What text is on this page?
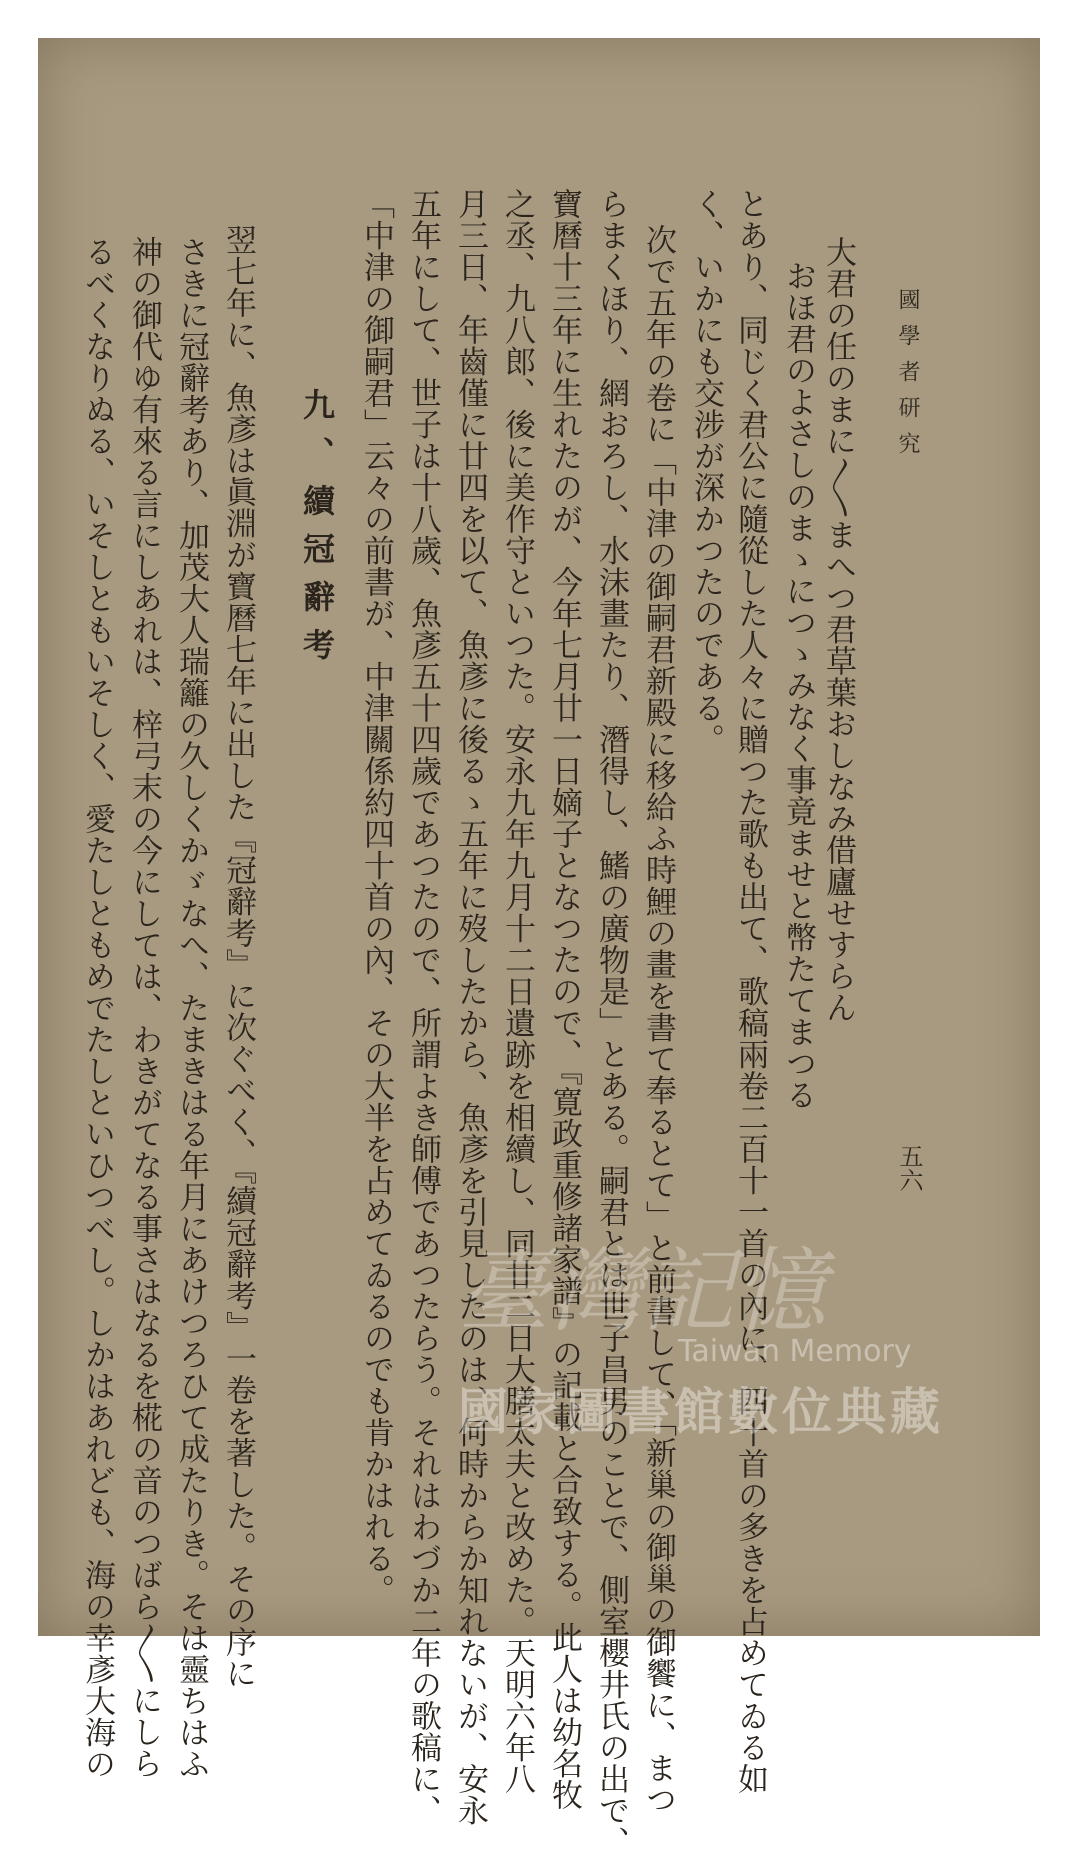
國學者研究
五六
大君の任のまに〳〵まへつ君草葉おしなみ借廬せすらん
おほ君のよさしのまゝにつゝみなく事竟ませと幣たてまつる
とあり、同じく君公に隨從した人々に贈つた歌も出て、歌稿兩卷二百十一首の內に、四十首の多きを占めてゐる如
く、いかにも交涉が深かつたのである。
次で五年の卷に「中津の御嗣君新殿に移給ふ時鯉の畫を書て奉るとて」と前書して、「新巢の御巢の御饗に、まつ
らまくほり、網おろし、水沫畫たり、潛得し、鰭の廣物是」とある。嗣君とは世子昌男のことで、側室櫻井氏の出で、
寶曆十三年に生れたのが、今年七月廿一日嫡子となつたので、『寛政重修諸家譜』の記載と合致する。此人は幼名牧
之丞、九八郎、後に美作守といつた。安永九年九月十二日遺跡を相續し、同廿二日大膳太夫と改めた。天明六年八
月三日、年齒僅に廿四を以て、魚彥に後るゝ五年に歿したから、魚彥を引見したのは、何時からか知れないが、安永
五年にして、世子は十八歲、魚彥五十四歲であつたので、所謂よき師傅であつたらう。それはわづか二年の歌稿に、
「中津の御嗣君」云々の前書が、中津關係約四十首の內、その大半を占めてゐるのでも肯かはれる。
九、續冠辭考
翌七年に、魚彥は眞淵が寶曆七年に出した『冠辭考』に次ぐべく、『續冠辭考』一卷を著した。その序に
さきに冠辭考あり、加茂大人瑞籬の久しくかゞなへ、たまきはる年月にあけつろひて成たりき。そは靈ちはふ
神の御代ゆ有來る言にしあれは、梓弓末の今にしては、わきがてなる事さはなるを椛の音のつばら〳〵にしら
るべくなりぬる、いそしともいそしく、愛たしともめでたしといひつべし。しかはあれども、海の幸彥大海の	臺灣記憶
Taiwan Memory
國家圖書館數位典藏
